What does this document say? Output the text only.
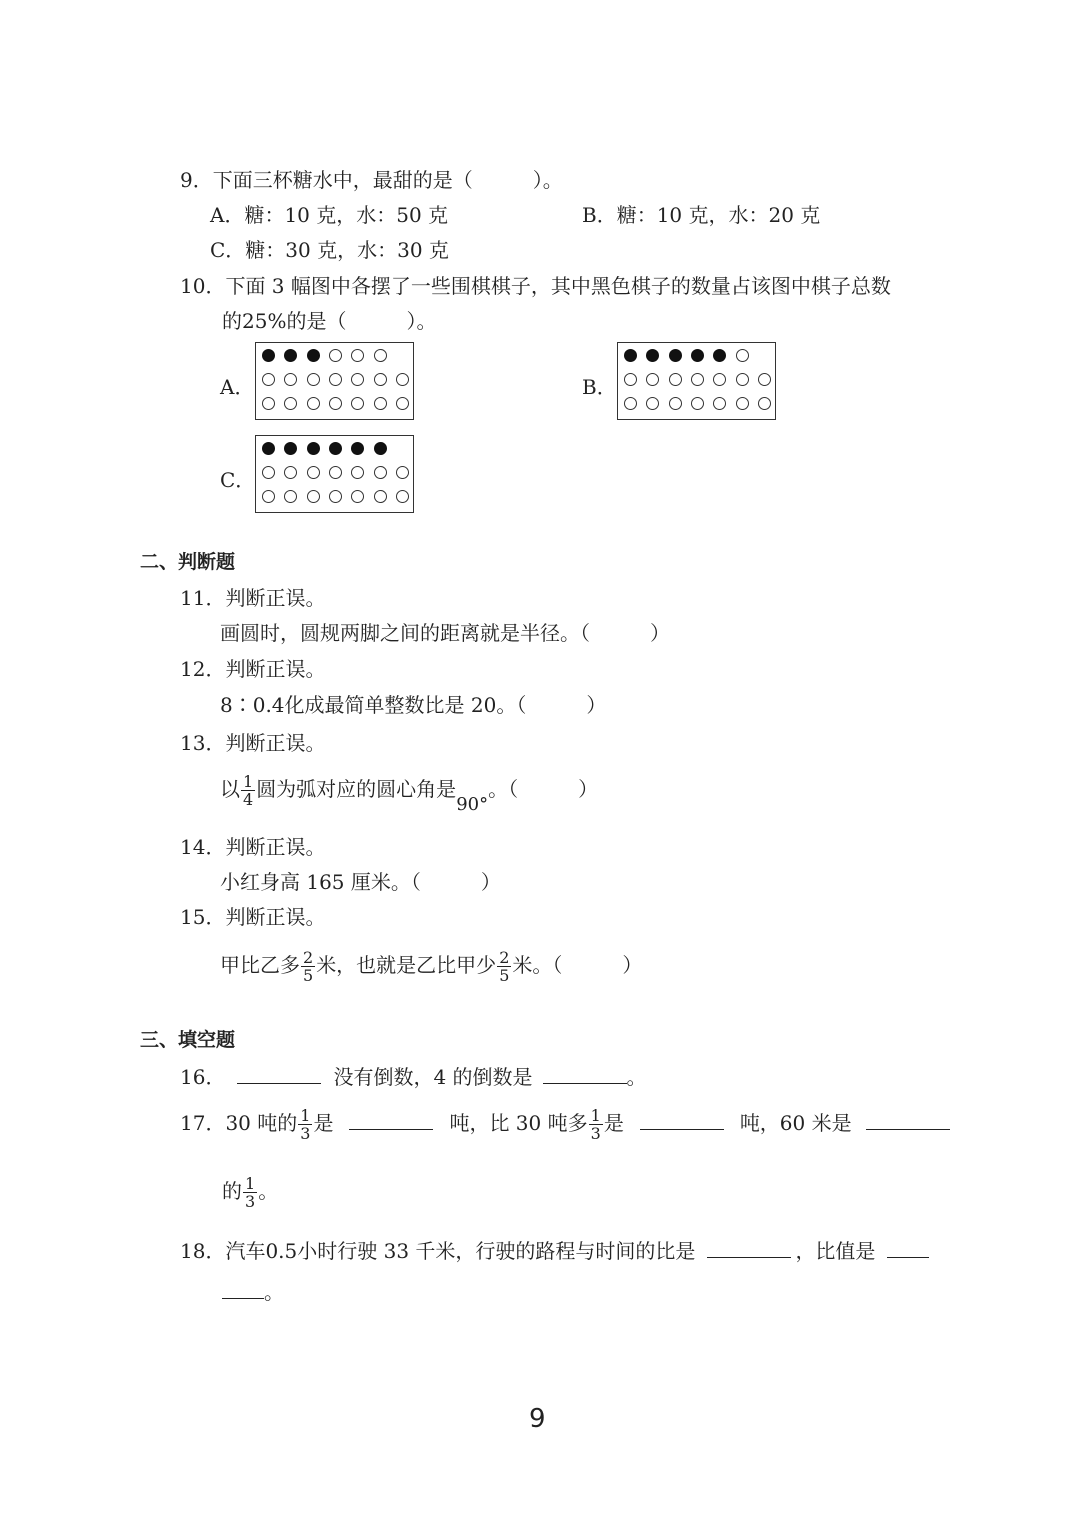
9．下面三杯糖水中，最甜的是（　　　）。
A．糖：10 克，水：50 克	B．糖：10 克，水：20 克
C．糖：30 克，水：30 克
10．下面 3 幅图中各摆了一些围棋棋子，其中黑色棋子的数量占该图中棋子总数
的25%的是（　　　）。
A．	B．
C．
二、判断题
11．判断正误。
画圆时，圆规两脚之间的距离就是半径。（　　　）
12．判断正误。
8∶0.4化成最简单整数比是 20。（　　　）
13．判断正误。
以 $\frac{1}{4}$ 圆为弧对应的圆心角是90°。（　　　）
14．判断正误。
小红身高 165 厘米。（　　　）
15．判断正误。
甲比乙多 $\frac{2}{5}$ 米，也就是乙比甲少 $\frac{2}{5}$ 米。（　　　）
三、填空题
16．	没有倒数，4 的倒数是	。
17．30 吨的 $\frac{1}{3}$ 是	吨，比 30 吨多 $\frac{1}{3}$ 是	吨，60 米是
的 $\frac{1}{3}$ 。
18．汽车0.5小时行驶 33 千米，行驶的路程与时间的比是	，比值是
。
9
